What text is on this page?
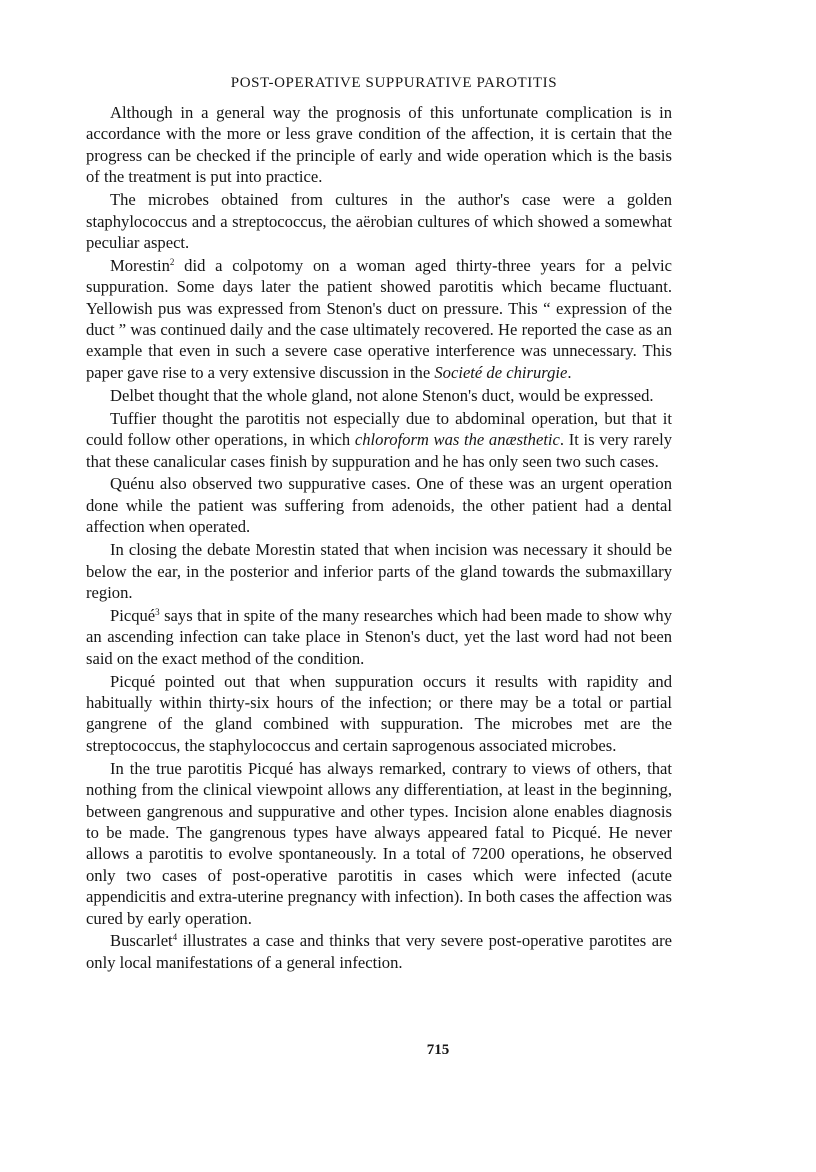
POST-OPERATIVE SUPPURATIVE PAROTITIS

Although in a general way the prognosis of this unfortunate complication is in accordance with the more or less grave condition of the affection, it is certain that the progress can be checked if the principle of early and wide operation which is the basis of the treatment is put into practice.

The microbes obtained from cultures in the author's case were a golden staphylococcus and a streptococcus, the aërobian cultures of which showed a somewhat peculiar aspect.

Morestin$^2$ did a colpotomy on a woman aged thirty-three years for a pelvic suppuration. Some days later the patient showed parotitis which became fluctuant. Yellowish pus was expressed from Stenon's duct on pressure. This “ expression of the duct ” was continued daily and the case ultimately recovered. He reported the case as an example that even in such a severe case operative interference was unnecessary. This paper gave rise to a very extensive discussion in the Societé de chirurgie.

Delbet thought that the whole gland, not alone Stenon's duct, would be expressed.

Tuffier thought the parotitis not especially due to abdominal operation, but that it could follow other operations, in which chloroform was the anæsthetic. It is very rarely that these canalicular cases finish by suppuration and he has only seen two such cases.

Quénu also observed two suppurative cases. One of these was an urgent operation done while the patient was suffering from adenoids, the other patient had a dental affection when operated.

In closing the debate Morestin stated that when incision was necessary it should be below the ear, in the posterior and inferior parts of the gland towards the submaxillary region.

Picqué$^3$ says that in spite of the many researches which had been made to show why an ascending infection can take place in Stenon's duct, yet the last word had not been said on the exact method of the condition.

Picqué pointed out that when suppuration occurs it results with rapidity and habitually within thirty-six hours of the infection; or there may be a total or partial gangrene of the gland combined with suppuration. The microbes met are the streptococcus, the staphylococcus and certain saprogenous associated microbes.

In the true parotitis Picqué has always remarked, contrary to views of others, that nothing from the clinical viewpoint allows any differentiation, at least in the beginning, between gangrenous and suppurative and other types. Incision alone enables diagnosis to be made. The gangrenous types have always appeared fatal to Picqué. He never allows a parotitis to evolve spontaneously. In a total of 7200 operations, he observed only two cases of post-operative parotitis in cases which were infected (acute appendicitis and extra-uterine pregnancy with infection). In both cases the affection was cured by early operation.

Buscarlet$^4$ illustrates a case and thinks that very severe post-operative parotites are only local manifestations of a general infection.

715
